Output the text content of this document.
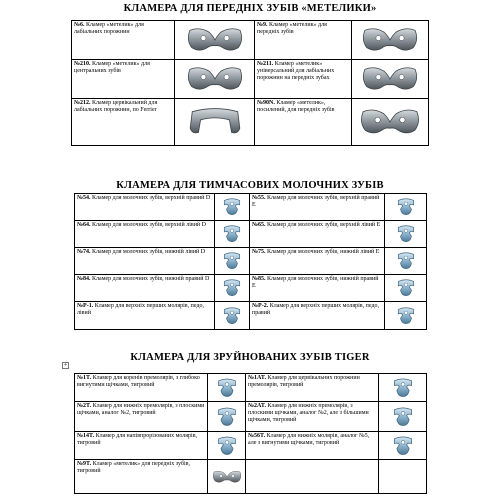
КЛАМЕРА ДЛЯ ПЕРЕДНІХ ЗУБІВ «МЕТЕЛИКИ»
№6. Кламер «метелик» для лабіальних порожнин		№9. Кламер «метелик» для передніх зубів	

№210. Кламер «метелик» для центральних зубів		№211. Кламер «метелик» універсальний для лабіальних порожнин на передніх зубах	

№212. Кламер цервікальний для лабіальних порожнин, по Ferrier		№90N. Кламер «метелик», посилений, для передніх зубів	
КЛАМЕРА ДЛЯ ТИМЧАСОВИХ МОЛОЧНИХ ЗУБІВ
№54. Кламер для молочних зубів, верхній правий D		№55. Кламер для молочних зубів, верхній правий Е	

№64. Кламер для молочних зубів, верхній лівий D		№65. Кламер для молочних зубів, верхній лівий Е	

№74. Кламер для молочних зубів, нижній лівий D		№75. Кламер для молочних зубів, нижній лівий Е	

№84. Кламер для молочних зубів, нижній правий D		№85. Кламер для молочних зубів, нижній правий Е	

№Р-1. Кламер для верхніх перших молярів, педо, лівий		№Р-2. Кламер для верхніх перших молярів, педо, правий	
КЛАМЕРА ДЛЯ ЗРУЙНОВАНИХ ЗУБІВ TIGER
+
№1T. Кламер для коренів премолярів, з глибоко вигнутими щічками, тигровий		№1AT. Кламер для цервікальних порожнин премолярів, тигровий	

№2T. Кламер для нижніх премолярів, з плоскими щічками, аналог №2, тигровий		№2AT. Кламер для нижніх премолярів, з плоскими щічками, аналог №2, але з більшими щічками, тигровий	

№14T. Кламер для напівпрорізованих молярів, тигровий		№56T. Кламер для нижніх молярів, аналог №5, але з вигнутими щічками, тигровий	

№9T. Кламер «метелик» для передніх зубів, тигровий	
